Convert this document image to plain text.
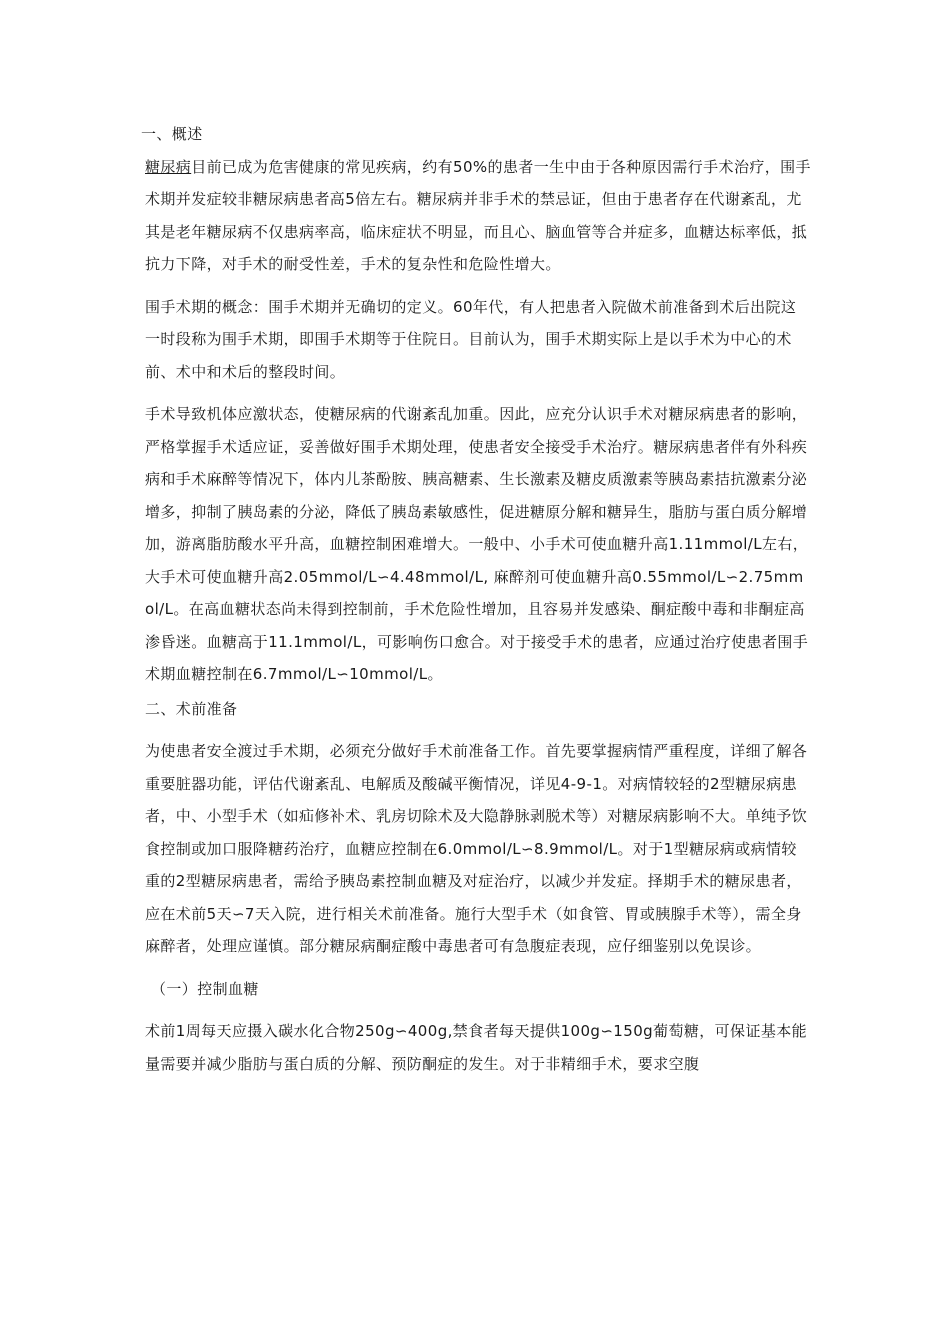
一、概述

糖尿病目前已成为危害健康的常见疾病，约有50%的患者一生中由于各种原因需行手术治疗，围手术期并发症较非糖尿病患者高5倍左右。糖尿病并非手术的禁忌证，但由于患者存在代谢紊乱，尤其是老年糖尿病不仅患病率高，临床症状不明显，而且心、脑血管等合并症多，血糖达标率低，抵抗力下降，对手术的耐受性差，手术的复杂性和危险性增大。

围手术期的概念：围手术期并无确切的定义。60年代，有人把患者入院做术前准备到术后出院这一时段称为围手术期，即围手术期等于住院日。目前认为，围手术期实际上是以手术为中心的术前、术中和术后的整段时间。

手术导致机体应激状态，使糖尿病的代谢紊乱加重。因此，应充分认识手术对糖尿病患者的影响，严格掌握手术适应证，妥善做好围手术期处理，使患者安全接受手术治疗。糖尿病患者伴有外科疾病和手术麻醉等情况下，体内儿茶酚胺、胰高糖素、生长激素及糖皮质激素等胰岛素拮抗激素分泌增多，抑制了胰岛素的分泌，降低了胰岛素敏感性，促进糖原分解和糖异生，脂肪与蛋白质分解增加，游离脂肪酸水平升高，血糖控制困难增大。一般中、小手术可使血糖升高1.11mmol/L左右，大手术可使血糖升高2.05mmol/L∽4.48mmol/L, 麻醉剂可使血糖升高0.55mmol/L∽2.75mmol/L。在高血糖状态尚未得到控制前，手术危险性增加，且容易并发感染、酮症酸中毒和非酮症高渗昏迷。血糖高于11.1mmol/L，可影响伤口愈合。对于接受手术的患者，应通过治疗使患者围手术期血糖控制在6.7mmol/L∽10mmol/L。

二、术前准备

为使患者安全渡过手术期，必须充分做好手术前准备工作。首先要掌握病情严重程度，详细了解各重要脏器功能，评估代谢紊乱、电解质及酸碱平衡情况，详见4-9-1。对病情较轻的2型糖尿病患者，中、小型手术（如疝修补术、乳房切除术及大隐静脉剥脱术等）对糖尿病影响不大。单纯予饮食控制或加口服降糖药治疗，血糖应控制在6.0mmol/L∽8.9mmol/L。对于1型糖尿病或病情较重的2型糖尿病患者，需给予胰岛素控制血糖及对症治疗，以减少并发症。择期手术的糖尿患者，应在术前5天∽7天入院，进行相关术前准备。施行大型手术（如食管、胃或胰腺手术等），需全身麻醉者，处理应谨慎。部分糖尿病酮症酸中毒患者可有急腹症表现，应仔细鉴别以免误诊。

（一）控制血糖

术前1周每天应摄入碳水化合物250g∽400g,禁食者每天提供100g∽150g葡萄糖，可保证基本能量需要并减少脂肪与蛋白质的分解、预防酮症的发生。对于非精细手术，要求空腹
